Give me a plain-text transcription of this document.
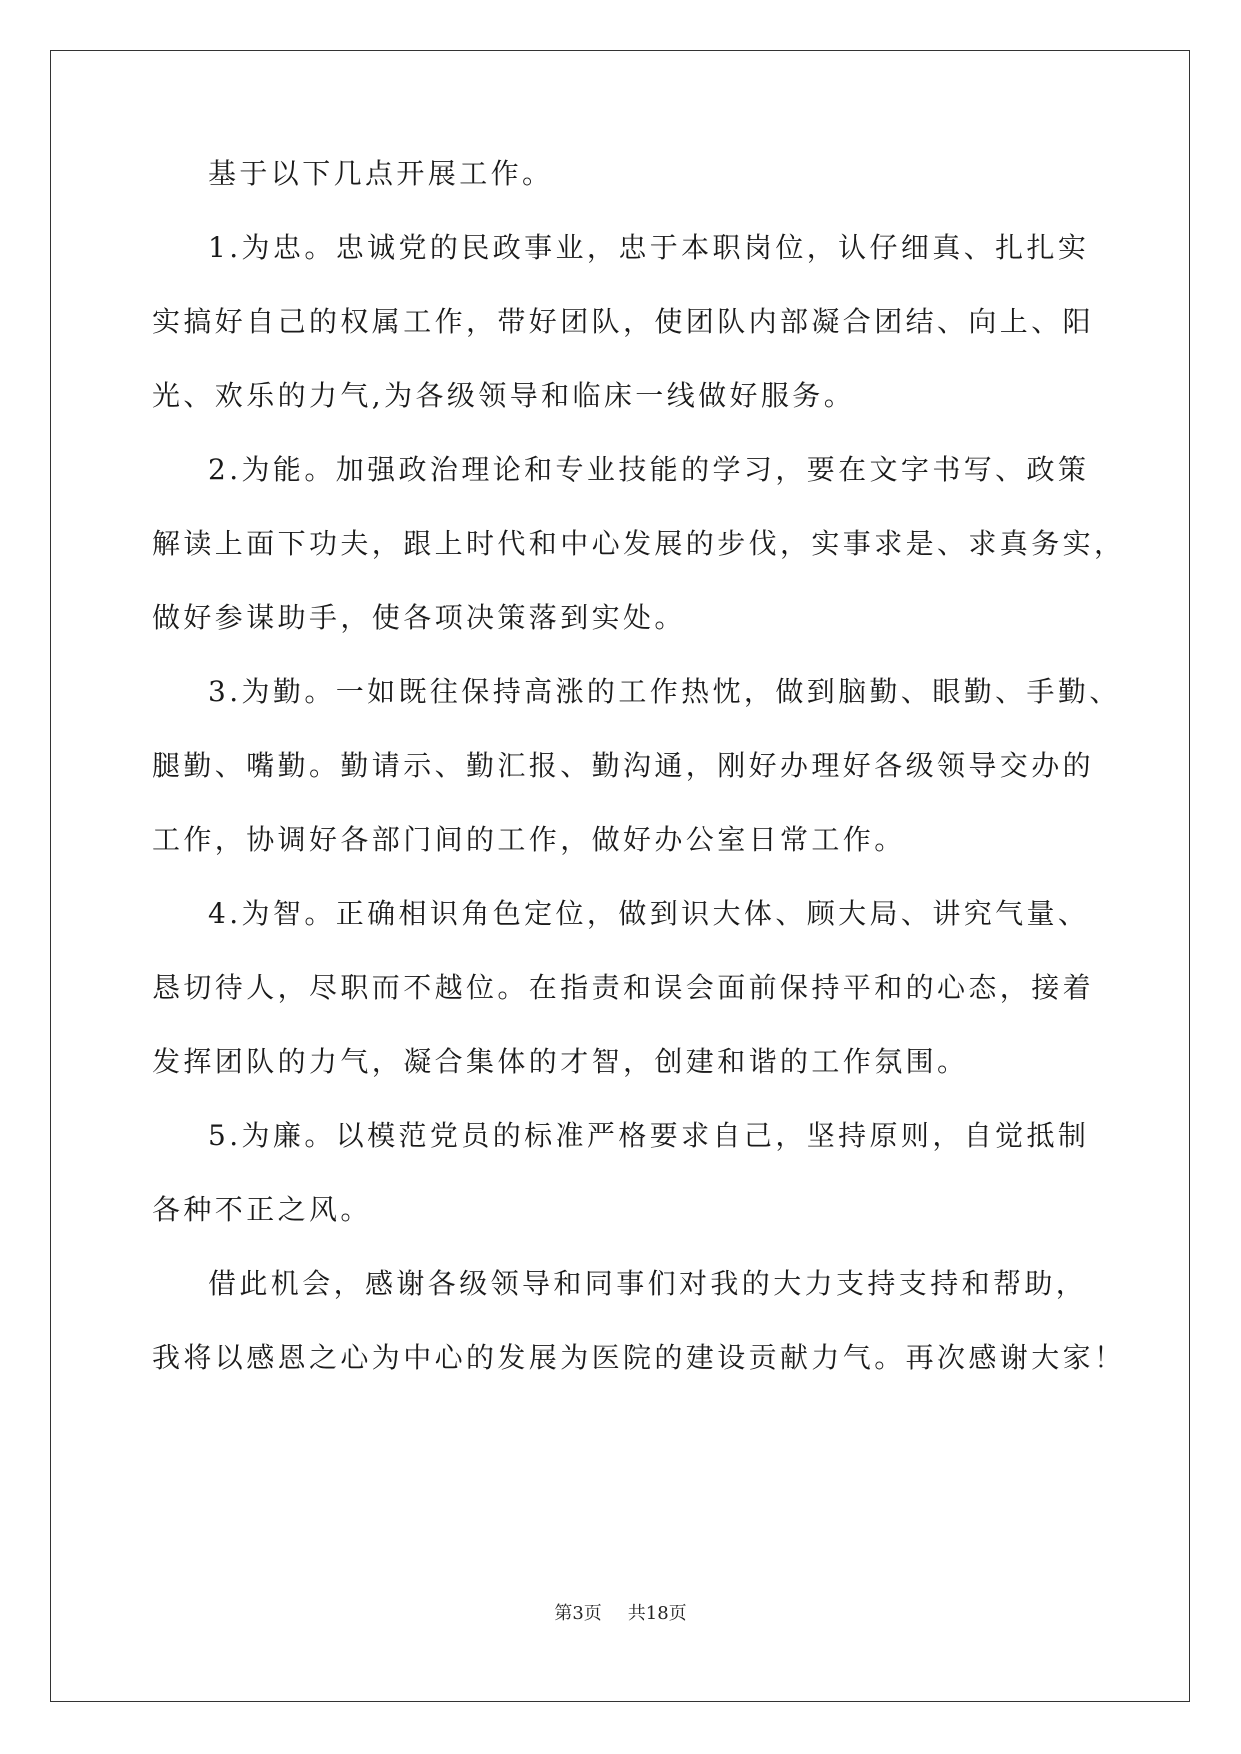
基于以下几点开展工作。
1.为忠。忠诚党的民政事业，忠于本职岗位，认仔细真、扎扎实
实搞好自己的权属工作，带好团队，使团队内部凝合团结、向上、阳
光、欢乐的力气,为各级领导和临床一线做好服务。
2.为能。加强政治理论和专业技能的学习，要在文字书写、政策
解读上面下功夫，跟上时代和中心发展的步伐，实事求是、求真务实，
做好参谋助手，使各项决策落到实处。
3.为勤。一如既往保持高涨的工作热忱，做到脑勤、眼勤、手勤、
腿勤、嘴勤。勤请示、勤汇报、勤沟通，刚好办理好各级领导交办的
工作，协调好各部门间的工作，做好办公室日常工作。
4.为智。正确相识角色定位，做到识大体、顾大局、讲究气量、
恳切待人，尽职而不越位。在指责和误会面前保持平和的心态，接着
发挥团队的力气，凝合集体的才智，创建和谐的工作氛围。
5.为廉。以模范党员的标准严格要求自己，坚持原则，自觉抵制
各种不正之风。
借此机会，感谢各级领导和同事们对我的大力支持支持和帮助，
我将以感恩之心为中心的发展为医院的建设贡献力气。再次感谢大家！
第3页 共18页
